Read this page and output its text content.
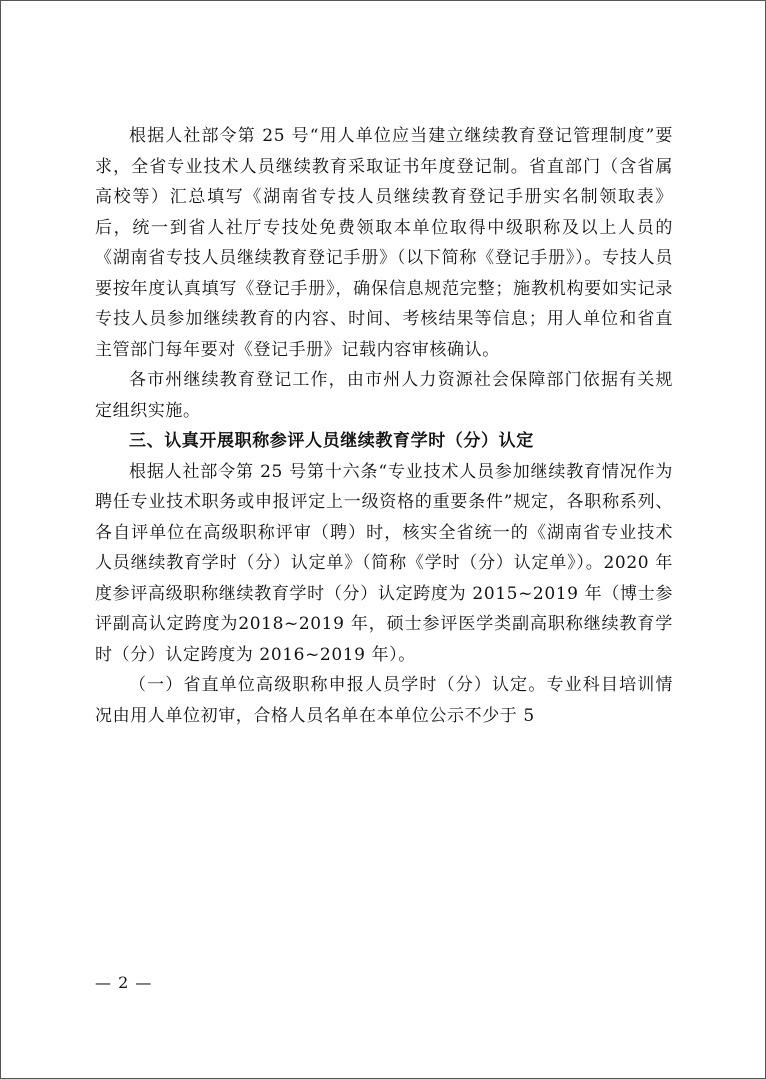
根据人社部令第 25 号“用人单位应当建立继续教育登记管理制度”要求，全省专业技术人员继续教育采取证书年度登记制。省直部门（含省属高校等）汇总填写《湖南省专技人员继续教育登记手册实名制领取表》后，统一到省人社厅专技处免费领取本单位取得中级职称及以上人员的《湖南省专技人员继续教育登记手册》（以下简称《登记手册》）。专技人员要按年度认真填写《登记手册》，确保信息规范完整；施教机构要如实记录专技人员参加继续教育的内容、时间、考核结果等信息；用人单位和省直主管部门每年要对《登记手册》记载内容审核确认。

各市州继续教育登记工作，由市州人力资源社会保障部门依据有关规定组织实施。

三、认真开展职称参评人员继续教育学时（分）认定

根据人社部令第 25 号第十六条“专业技术人员参加继续教育情况作为聘任专业技术职务或申报评定上一级资格的重要条件”规定，各职称系列、各自评单位在高级职称评审（聘）时，核实全省统一的《湖南省专业技术人员继续教育学时（分）认定单》（简称《学时（分）认定单》）。2020 年度参评高级职称继续教育学时（分）认定跨度为 2015~2019 年（博士参评副高认定跨度为2018~2019 年，硕士参评医学类副高职称继续教育学时（分）认定跨度为 2016~2019 年）。

（一）省直单位高级职称申报人员学时（分）认定。专业科目培训情况由用人单位初审，合格人员名单在本单位公示不少于 5

— 2 —
